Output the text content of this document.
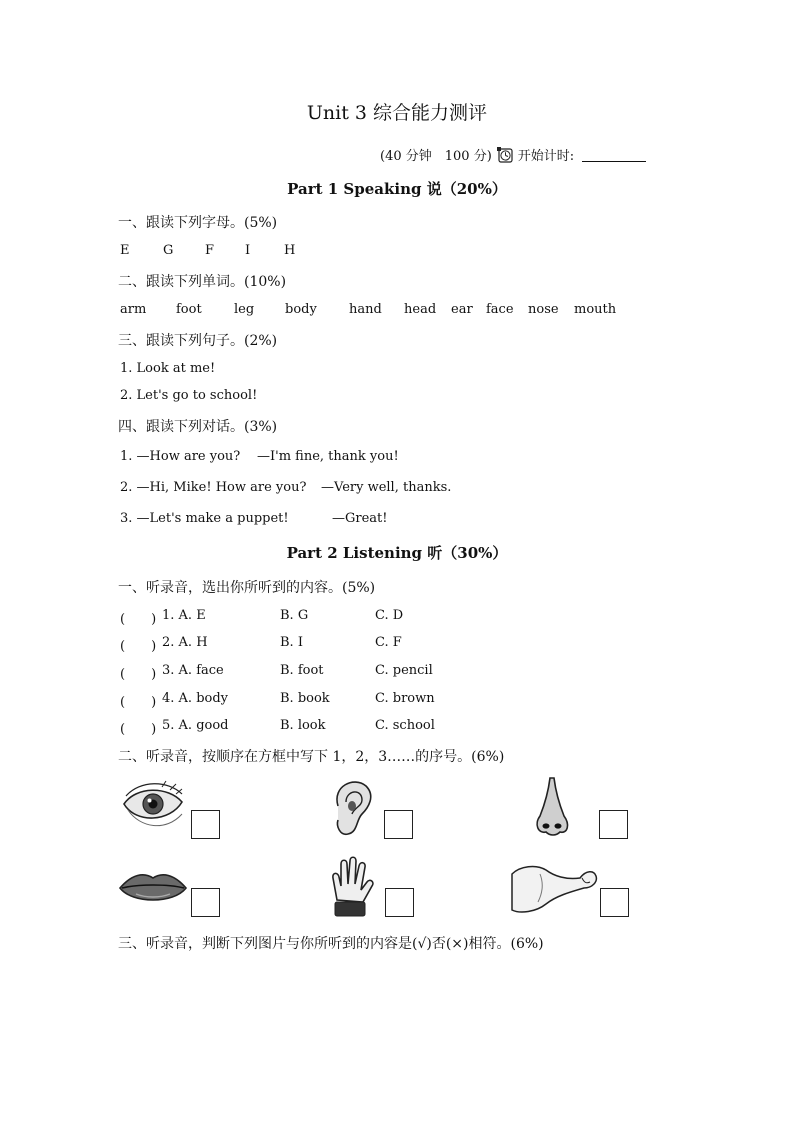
Unit 3 综合能力测评
(40 分钟　100 分) 开始计时:
Part 1 Speaking 说（20%）
一、跟读下列字母。(5%)
E	G F I	H
二、跟读下列单词。(10%)
arm foot leg body hand head ear face nose mouth
三、跟读下列句子。(2%)
1. Look at me!
2. Let's go to school!
四、跟读下列对话。(3%)
1. —How are you? —I'm fine, thank you!
2. —Hi, Mike! How are you? —Very well, thanks.
3. —Let's make a puppet!	—Great!
Part 2 Listening 听（30%）
一、听录音，选出你所听到的内容。(5%)
(　　) 1. A. E	B. G	C. D
(　　) 2. A. H	B. I	C. F
(　　) 3. A. face	B. foot	C. pencil
(　　) 4. A. body	B. book	C. brown
(　　) 5. A. good	B. look	C. school
二、听录音，按顺序在方框中写下 1，2，3……的序号。(6%)
三、听录音，判断下列图片与你所听到的内容是(√)否(×)相符。(6%)
